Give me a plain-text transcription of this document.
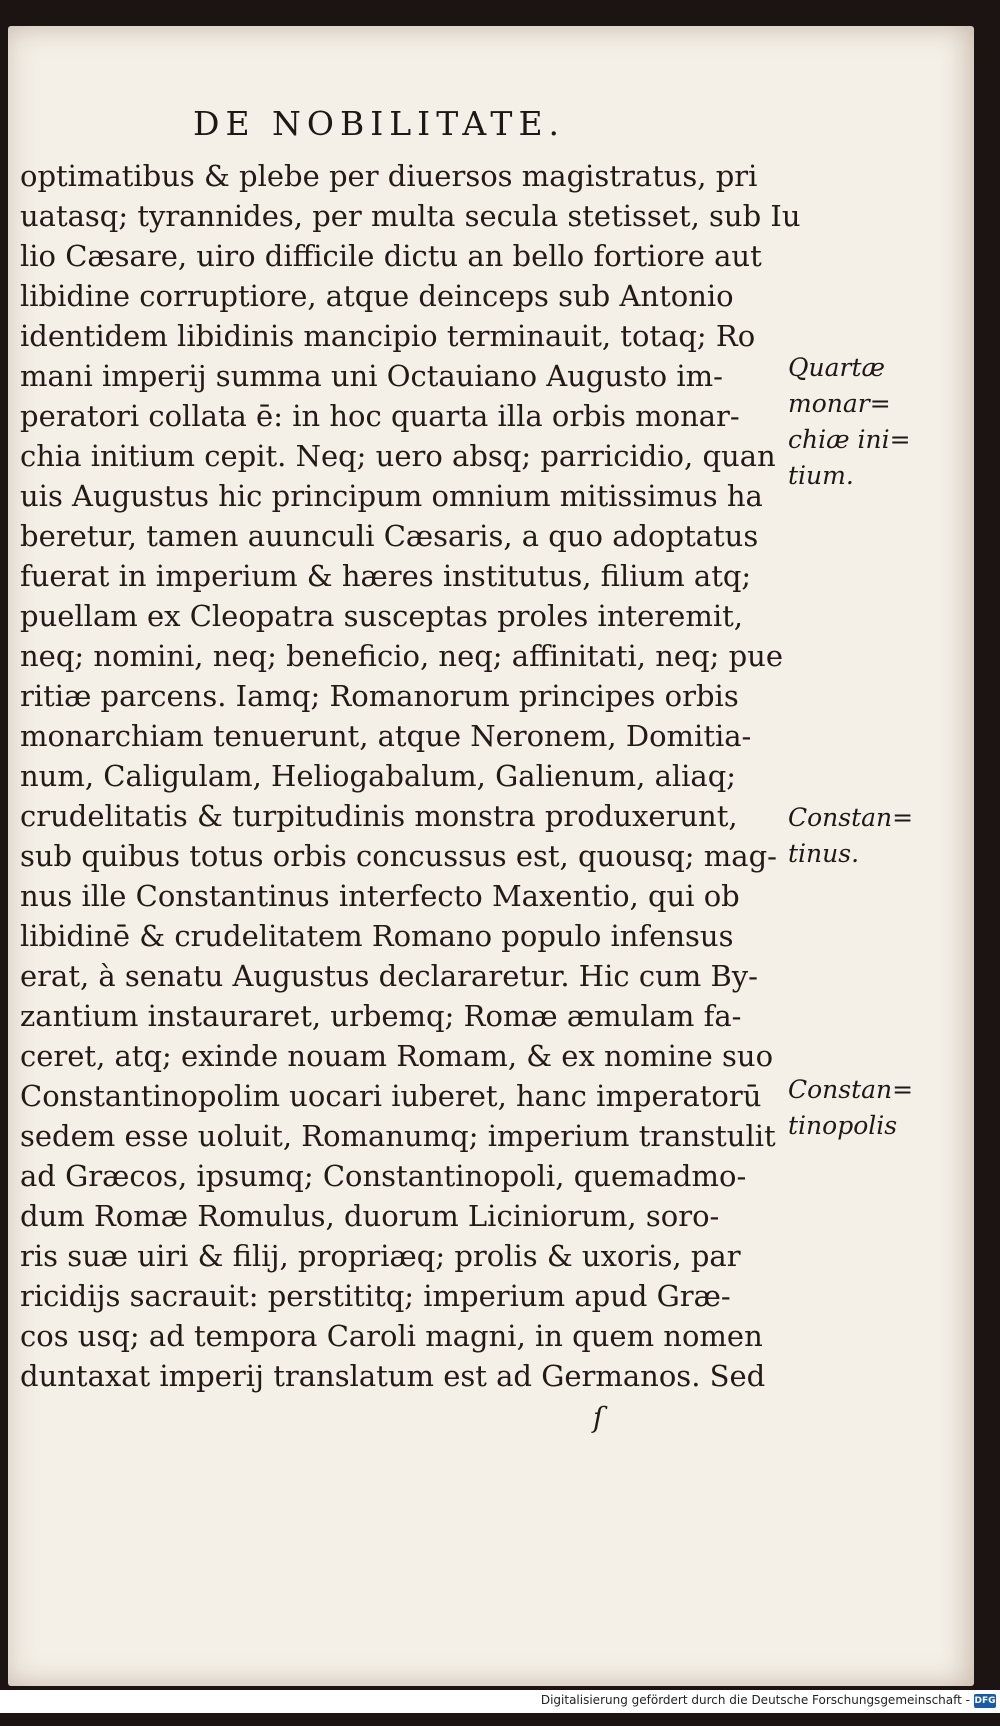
DE NOBILITATE.
optimatibus & plebe per diuersos magistratus, pri
uatasq; tyrannides, per multa secula stetisset, sub Iu
lio Cæsare, uiro difficile dictu an bello fortiore aut
libidine corruptiore, atque deinceps sub Antonio
identidem libidinis mancipio terminauit, totaq; Ro
mani imperij summa uni Octauiano Augusto im-
peratori collata ē: in hoc quarta illa orbis monar-
chia initium cepit. Neq; uero absq; parricidio, quan
uis Augustus hic principum omnium mitissimus ha
beretur, tamen auunculi Cæsaris, a quo adoptatus
fuerat in imperium & hæres institutus, filium atq;
puellam ex Cleopatra susceptas proles interemit,
neq; nomini, neq; beneficio, neq; affinitati, neq; pue
ritiæ parcens. Iamq; Romanorum principes orbis
monarchiam tenuerunt, atque Neronem, Domitia-
num, Caligulam, Heliogabalum, Galienum, aliaq;
crudelitatis & turpitudinis monstra produxerunt,
sub quibus totus orbis concussus est, quousq; mag-
nus ille Constantinus interfecto Maxentio, qui ob
libidinē & crudelitatem Romano populo infensus
erat, à senatu Augustus declararetur. Hic cum By-
zantium instauraret, urbemq; Romæ æmulam fa-
ceret, atq; exinde nouam Romam, & ex nomine suo
Constantinopolim uocari iuberet, hanc imperatorū
sedem esse uoluit, Romanumq; imperium transtulit
ad Græcos, ipsumq; Constantinopoli, quemadmo-
dum Romæ Romulus, duorum Liciniorum, soro-
ris suæ uiri & filij, propriæq; prolis & uxoris, par
ricidijs sacrauit: perstititq; imperium apud Græ-
cos usq; ad tempora Caroli magni, in quem nomen
duntaxat imperij translatum est ad Germanos. Sed
Quartæ
monar=
chiæ ini=
tium.
Constan=
tinus.
Constan=
tinopolis
ſ
Digitalisierung gefördert durch die Deutsche Forschungsgemeinschaft - DFG
